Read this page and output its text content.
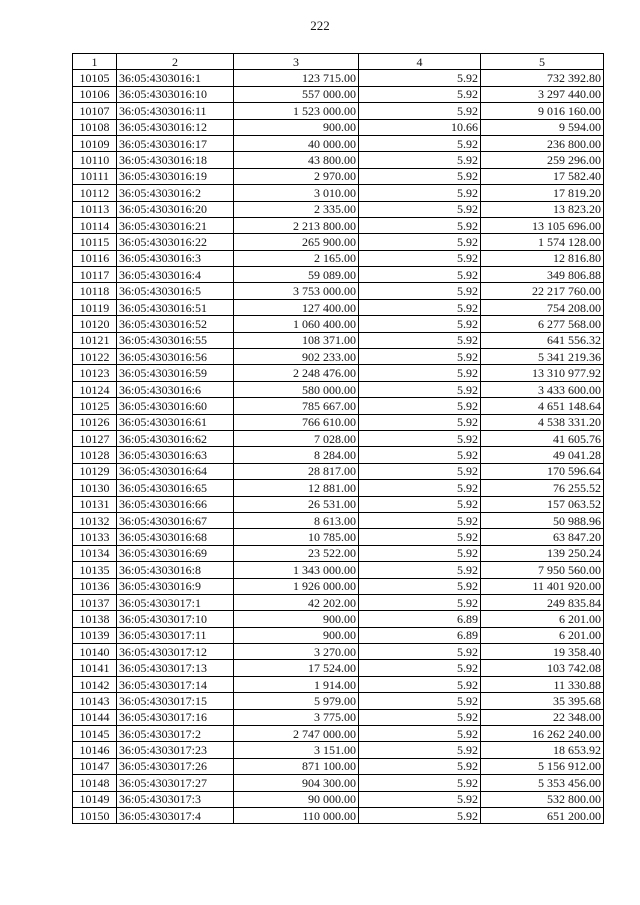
222
1	2	3	4	5
10105	36:05:4303016:1	123 715.00	5.92	732 392.80
10106	36:05:4303016:10	557 000.00	5.92	3 297 440.00
10107	36:05:4303016:11	1 523 000.00	5.92	9 016 160.00
10108	36:05:4303016:12	900.00	10.66	9 594.00
10109	36:05:4303016:17	40 000.00	5.92	236 800.00
10110	36:05:4303016:18	43 800.00	5.92	259 296.00
10111	36:05:4303016:19	2 970.00	5.92	17 582.40
10112	36:05:4303016:2	3 010.00	5.92	17 819.20
10113	36:05:4303016:20	2 335.00	5.92	13 823.20
10114	36:05:4303016:21	2 213 800.00	5.92	13 105 696.00
10115	36:05:4303016:22	265 900.00	5.92	1 574 128.00
10116	36:05:4303016:3	2 165.00	5.92	12 816.80
10117	36:05:4303016:4	59 089.00	5.92	349 806.88
10118	36:05:4303016:5	3 753 000.00	5.92	22 217 760.00
10119	36:05:4303016:51	127 400.00	5.92	754 208.00
10120	36:05:4303016:52	1 060 400.00	5.92	6 277 568.00
10121	36:05:4303016:55	108 371.00	5.92	641 556.32
10122	36:05:4303016:56	902 233.00	5.92	5 341 219.36
10123	36:05:4303016:59	2 248 476.00	5.92	13 310 977.92
10124	36:05:4303016:6	580 000.00	5.92	3 433 600.00
10125	36:05:4303016:60	785 667.00	5.92	4 651 148.64
10126	36:05:4303016:61	766 610.00	5.92	4 538 331.20
10127	36:05:4303016:62	7 028.00	5.92	41 605.76
10128	36:05:4303016:63	8 284.00	5.92	49 041.28
10129	36:05:4303016:64	28 817.00	5.92	170 596.64
10130	36:05:4303016:65	12 881.00	5.92	76 255.52
10131	36:05:4303016:66	26 531.00	5.92	157 063.52
10132	36:05:4303016:67	8 613.00	5.92	50 988.96
10133	36:05:4303016:68	10 785.00	5.92	63 847.20
10134	36:05:4303016:69	23 522.00	5.92	139 250.24
10135	36:05:4303016:8	1 343 000.00	5.92	7 950 560.00
10136	36:05:4303016:9	1 926 000.00	5.92	11 401 920.00
10137	36:05:4303017:1	42 202.00	5.92	249 835.84
10138	36:05:4303017:10	900.00	6.89	6 201.00
10139	36:05:4303017:11	900.00	6.89	6 201.00
10140	36:05:4303017:12	3 270.00	5.92	19 358.40
10141	36:05:4303017:13	17 524.00	5.92	103 742.08
10142	36:05:4303017:14	1 914.00	5.92	11 330.88
10143	36:05:4303017:15	5 979.00	5.92	35 395.68
10144	36:05:4303017:16	3 775.00	5.92	22 348.00
10145	36:05:4303017:2	2 747 000.00	5.92	16 262 240.00
10146	36:05:4303017:23	3 151.00	5.92	18 653.92
10147	36:05:4303017:26	871 100.00	5.92	5 156 912.00
10148	36:05:4303017:27	904 300.00	5.92	5 353 456.00
10149	36:05:4303017:3	90 000.00	5.92	532 800.00
10150	36:05:4303017:4	110 000.00	5.92	651 200.00
